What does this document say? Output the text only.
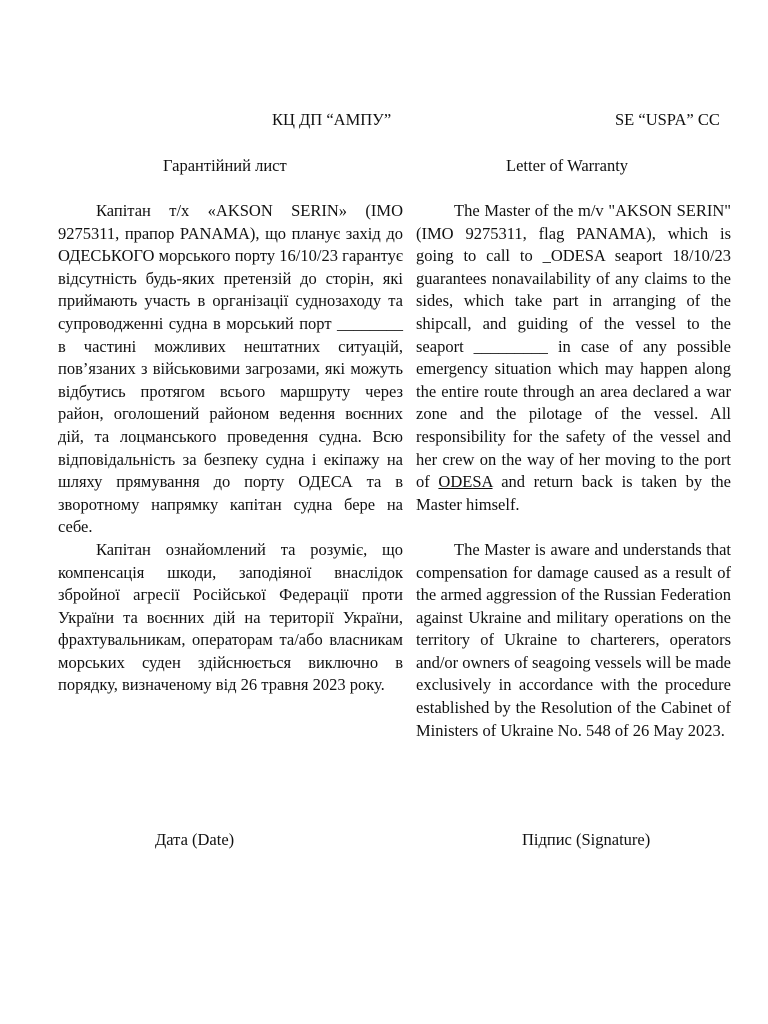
КЦ ДП “АМПУ”
Гарантійний лист

Капітан т/х «AKSON SERIN» (IMO 9275311, прапор PANAMA), що планує захід до ОДЕСЬКОГО морського порту 16/10/23 гарантує відсутність будь-яких претензій до сторін, які приймають участь в організації суднозаходу та супроводженні судна в морський порт ________ в частині можливих нештатних ситуацій, пов’язаних з військовими загрозами, які можуть відбутись протягом всього маршруту через район, оголошений районом ведення воєнних дій, та лоцманського проведення судна. Всю відповідальність за безпеку судна і екіпажу на шляху прямування до порту ОДЕСА та в зворотному напрямку капітан судна бере на себе.

Капітан ознайомлений та розуміє, що компенсація шкоди, заподіяної внаслідок збройної агресії Російської Федерації проти України та воєнних дій на території України, фрахтувальникам, операторам та/або власникам морських суден здійснюється виключно в порядку, визначеному від 26 травня 2023 року.

Дата (Date)
SE “USPA” CC
Letter of Warranty

The Master of the m/v "AKSON SERIN" (IMO 9275311, flag PANAMA), which is going to call to _ODESA seaport 18/10/23 guarantees nonavailability of any claims to the sides, which take part in arranging of the shipcall, and guiding of the vessel to the seaport _________ in case of any possible emergency situation which may happen along the entire route through an area declared a war zone and the pilotage of the vessel. All responsibility for the safety of the vessel and her crew on the way of her moving to the port of ODESA and return back is taken by the Master himself.

The Master is aware and understands that compensation for damage caused as a result of the armed aggression of the Russian Federation against Ukraine and military operations on the territory of Ukraine to charterers, operators and/or owners of seagoing vessels will be made exclusively in accordance with the procedure established by the Resolution of the Cabinet of Ministers of Ukraine No. 548 of 26 May 2023.

Підпис (Signature)
